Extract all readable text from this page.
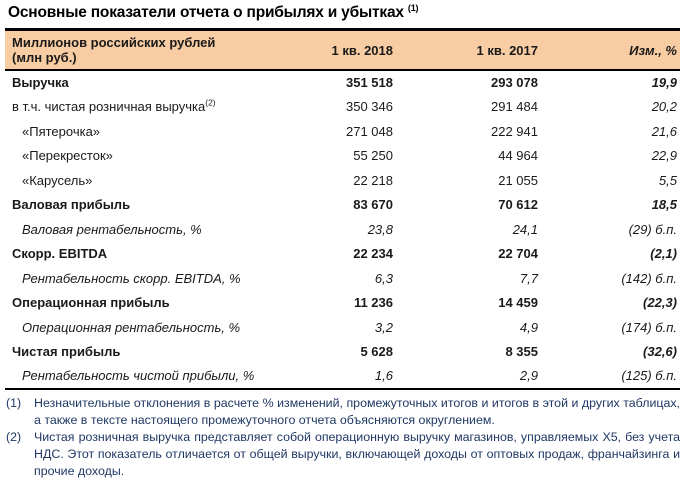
Основные показатели отчета о прибылях и убытках $^{(1)}$
Миллионов российских рублей
(млн руб.)	1 кв. 2018	1 кв. 2017	Изм., %
Выручка	351 518	293 078	19,9
в т.ч. чистая розничная выручка$^{(2)}$	350 346	291 484	20,2
«Пятерочка»	271 048	222 941	21,6
«Перекресток»	55 250	44 964	22,9
«Карусель»	22 218	21 055	5,5
Валовая прибыль	83 670	70 612	18,5
Валовая рентабельность, %	23,8	24,1	(29) б.п.
Скорр. EBITDA	22 234	22 704	(2,1)
Рентабельность скорр. EBITDA, %	6,3	7,7	(142) б.п.
Операционная прибыль	11 236	14 459	(22,3)
Операционная рентабельность, %	3,2	4,9	(174) б.п.
Чистая прибыль	5 628	8 355	(32,6)
Рентабельность чистой прибыли, %	1,6	2,9	(125) б.п.
(1)	Незначительные отклонения в расчете % изменений, промежуточных итогов и итогов в этой и других таблицах, а также в тексте настоящего промежуточного отчета объясняются округлением.
(2)	Чистая розничная выручка представляет собой операционную выручку магазинов, управляемых X5, без учета НДС. Этот показатель отличается от общей выручки, включающей доходы от оптовых продаж, франчайзинга и прочие доходы.
